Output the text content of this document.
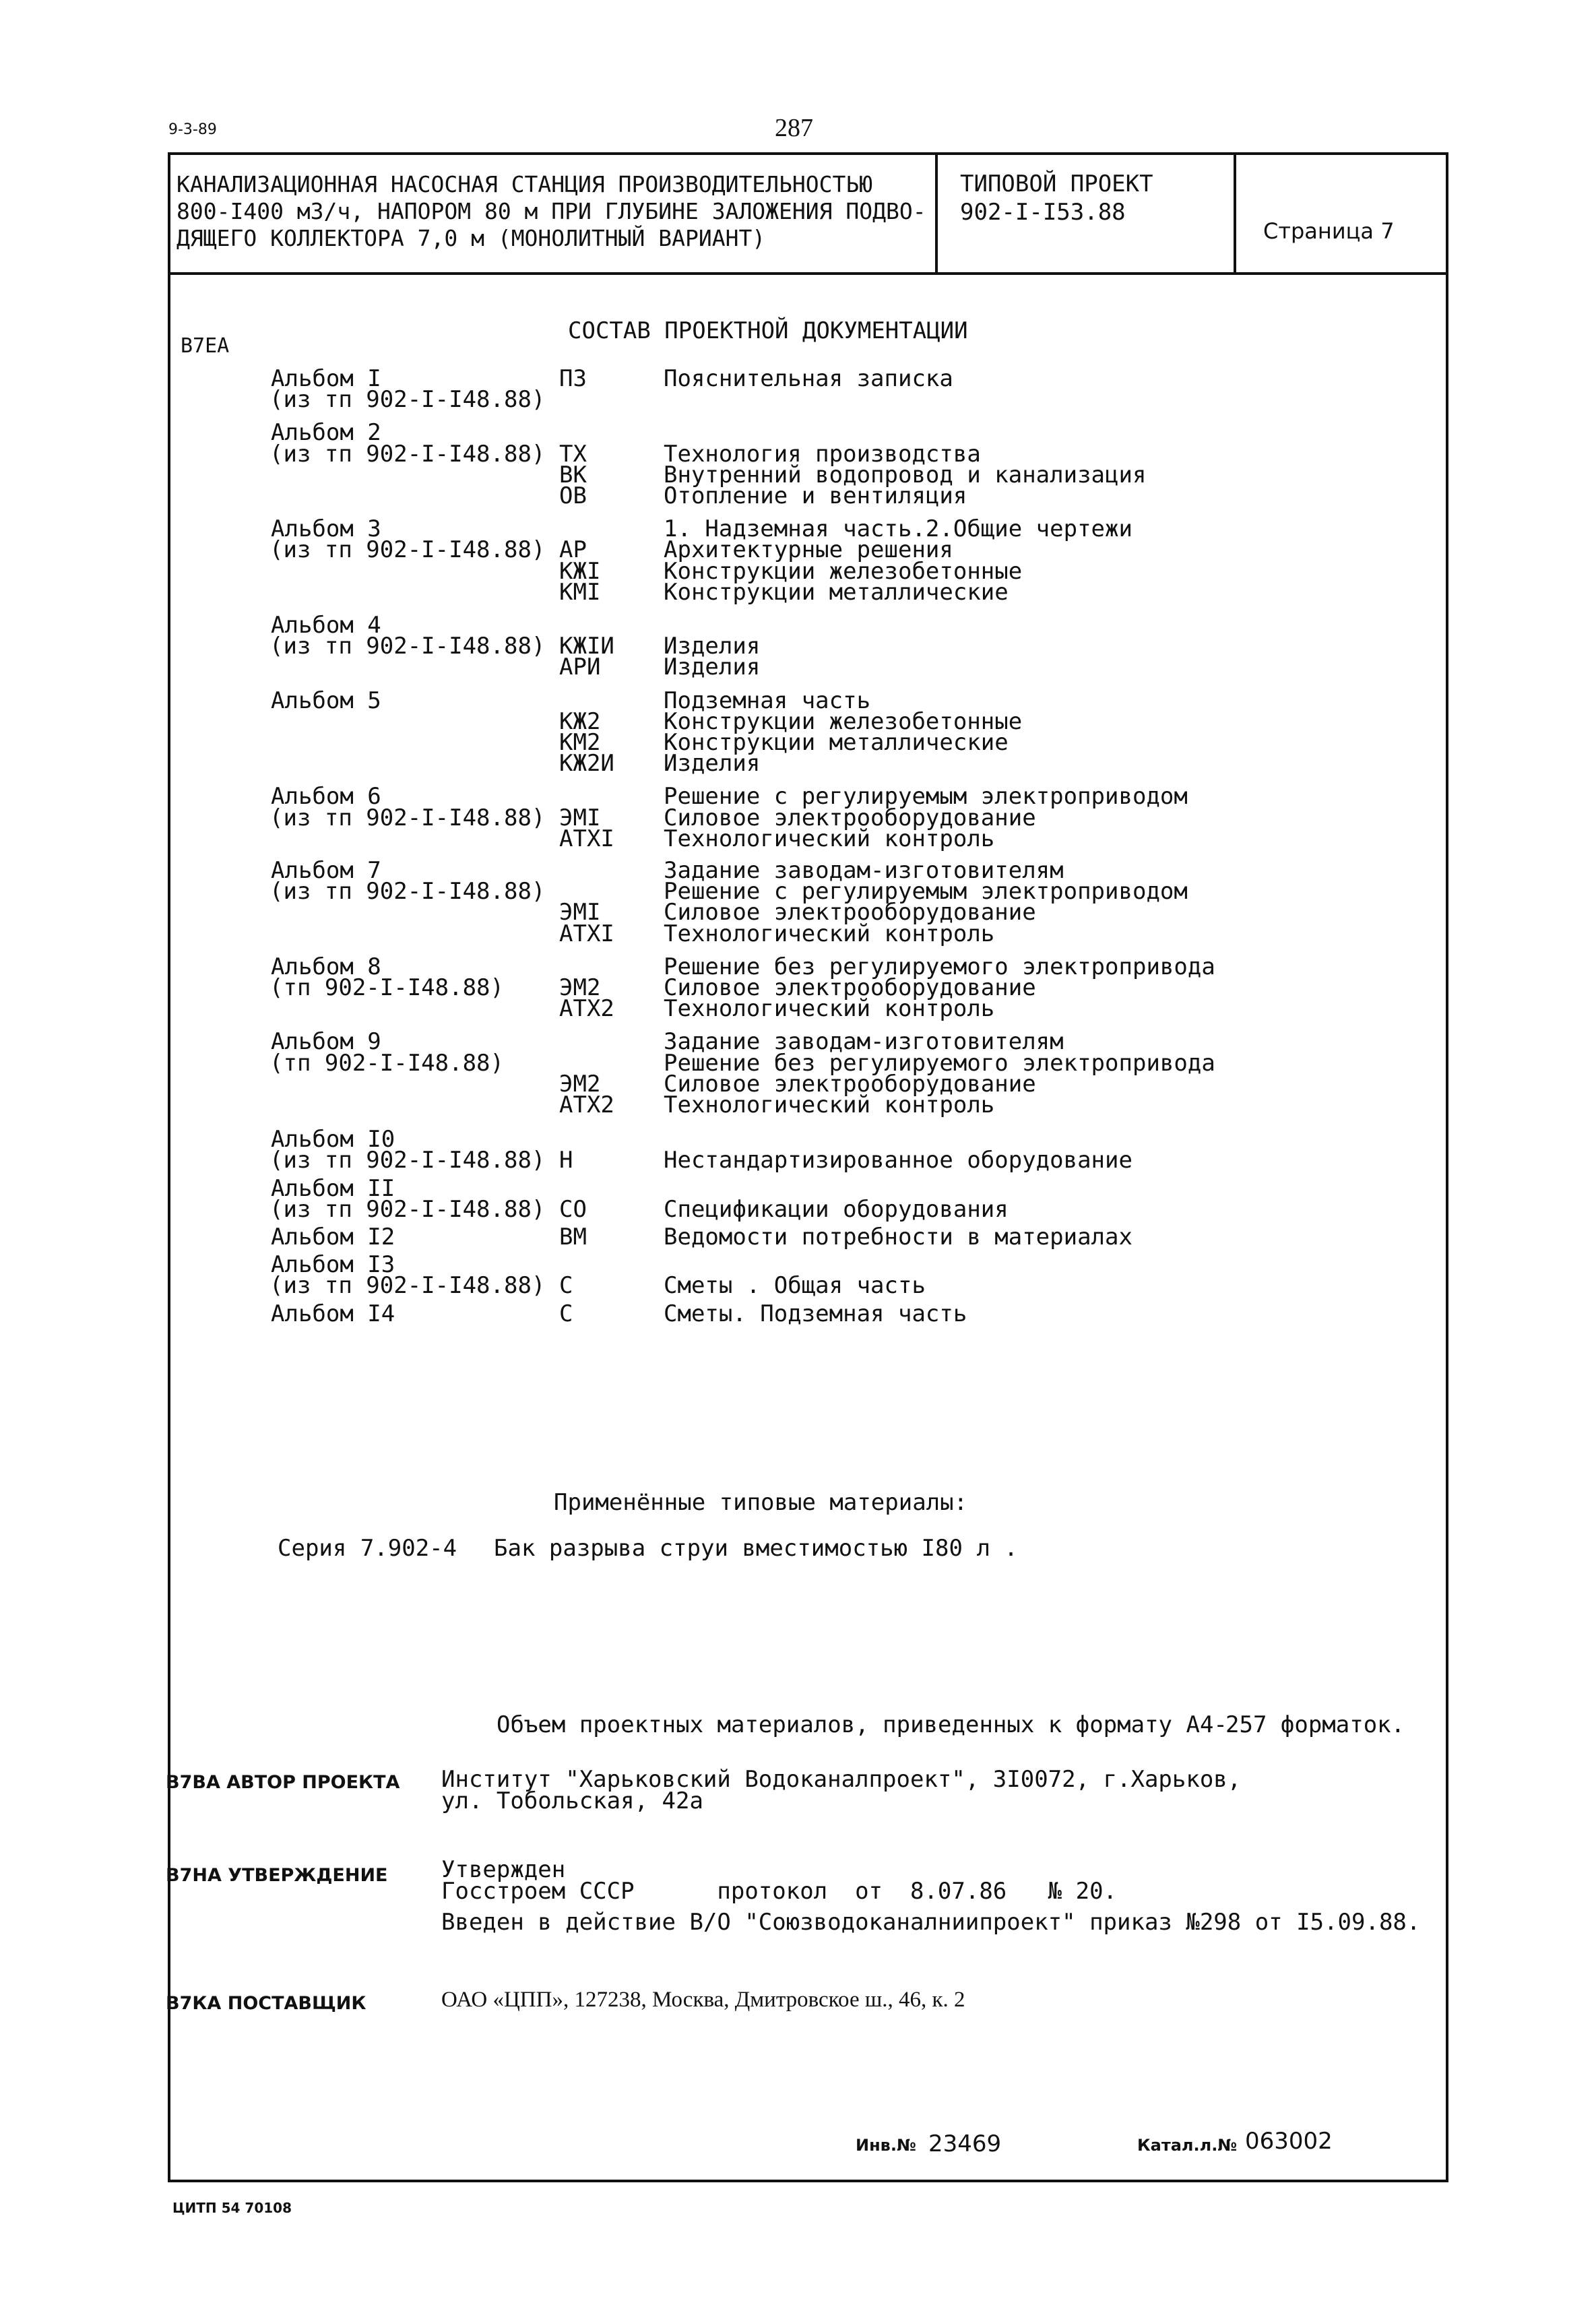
9-3-89	287
КАНАЛИЗАЦИОННАЯ НАСОСНАЯ СТАНЦИЯ ПРОИЗВОДИТЕЛЬНОСТЬЮ
800-I400 м3/ч, НАПОРОМ 80 м ПРИ ГЛУБИНЕ ЗАЛОЖЕНИЯ ПОДВО-
ДЯЩЕГО КОЛЛЕКТОРА 7,0 м (МОНОЛИТНЫЙ ВАРИАНТ)
ТИПОВОЙ ПРОЕКТ
902-I-I53.88
Страница 7
В7ЕА
СОСТАВ ПРОЕКТНОЙ ДОКУМЕНТАЦИИ
Альбом I	ПЗ	Пояснительная записка
(из тп 902-I-I48.88)
Альбом 2
(из тп 902-I-I48.88) ТХ	Технология производства
ВК	Внутренний водопровод и канализация
ОВ	Отопление и вентиляция
Альбом 3	1. Надземная часть.2.Общие чертежи
(из тп 902-I-I48.88) АР	Архитектурные решения
КЖI	Конструкции железобетонные
КМI	Конструкции металлические
Альбом 4
(из тп 902-I-I48.88) КЖIИ Изделия
АРИ	Изделия
Альбом 5	Подземная часть
КЖ2	Конструкции железобетонные
КМ2	Конструкции металлические
КЖ2И Изделия
Альбом 6	Решение с регулируемым электроприводом
(из тп 902-I-I48.88) ЭМI	Силовое электрооборудование
АТХI Технологический контроль
Альбом 7	Задание заводам-изготовителям
(из тп 902-I-I48.88)	Решение с регулируемым электроприводом
ЭМI	Силовое электрооборудование
АТХI Технологический контроль
Альбом 8	Решение без регулируемого электропривода
(тп 902-I-I48.88) ЭМ2	Силовое электрооборудование
АТХ2 Технологический контроль
Альбом 9	Задание заводам-изготовителям
(тп 902-I-I48.88)	Решение без регулируемого электропривода
ЭМ2	Силовое электрооборудование
АТХ2 Технологический контроль
Альбом I0
(из тп 902-I-I48.88) Н	Нестандартизированное оборудование
Альбом II
(из тп 902-I-I48.88) СО	Спецификации оборудования
Альбом I2	ВМ	Ведомости потребности в материалах
Альбом I3
(из тп 902-I-I48.88) С	Сметы . Общая часть
Альбом I4	С	Сметы. Подземная часть
Применённые типовые материалы:
Серия 7.902-4 Бак разрыва струи вместимостью I80 л .
Объем проектных материалов, приведенных к формату А4-
257 форматок.
В7ВА АВТОР ПРОЕКТА Институт "Харьковский Водоканалпроект", 3I0072, г.Харьков,
ул. Тобольская, 42а
В7НА УТВЕРЖДЕНИЕ Утвержден
Госстроем СССР      протокол  от  8.07.86   № 20.
Введен в действие В/О "Союзводоканалниипроект" приказ №298 от I5.09.88.
В7КА ПОСТАВЩИК	ОАО «ЦПП», 127238, Москва, Дмитровское ш., 46, к. 2
Инв.№ 23469	Катал.л.№ 063002
ЦИТП 54 70108
